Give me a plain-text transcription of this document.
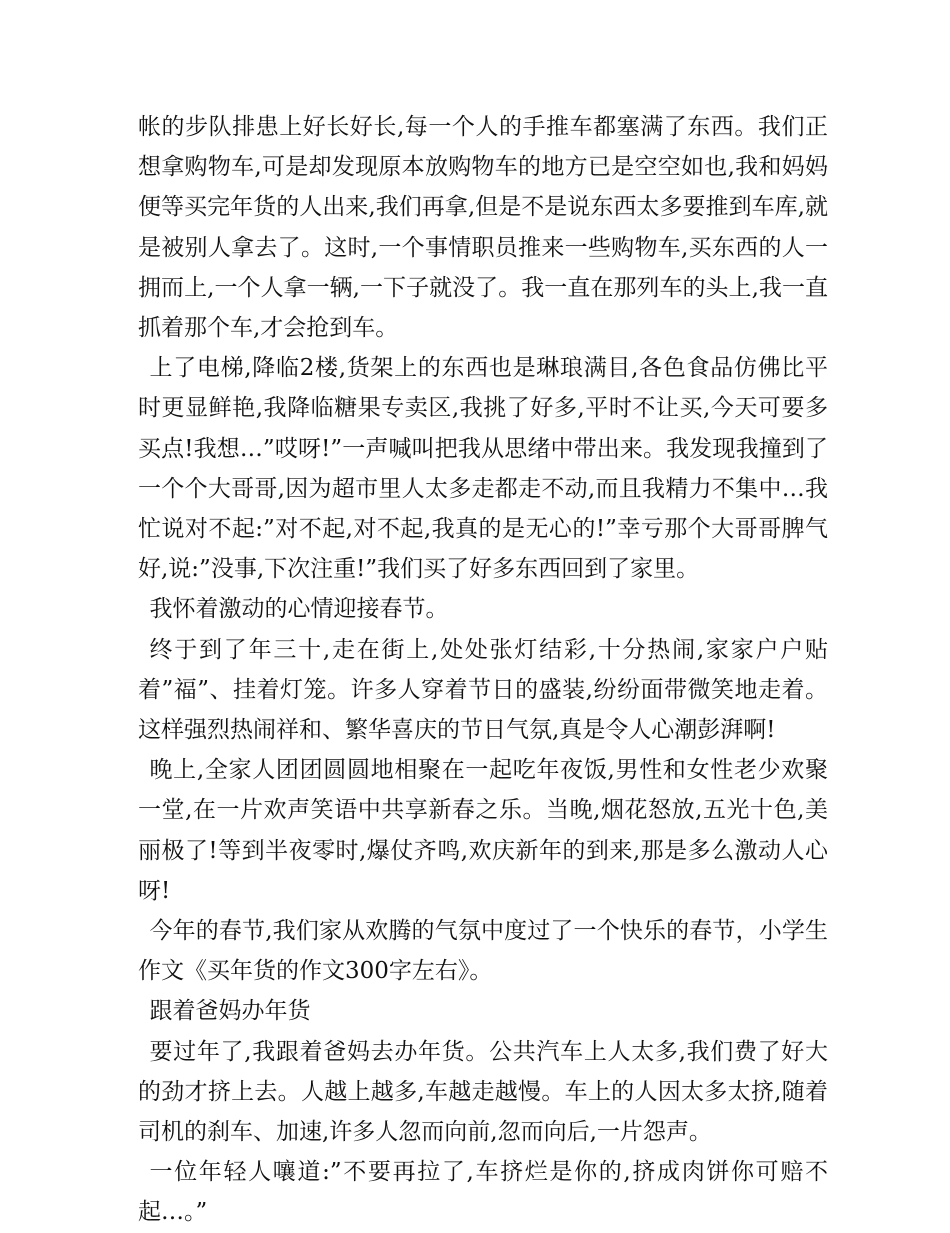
帐的步队排患上好长好长,每一个人的手推车都塞满了东西。我们正想拿购物车,可是却发现原本放购物车的地方已是空空如也,我和妈妈便等买完年货的人出来,我们再拿,但是不是说东西太多要推到车库,就是被别人拿去了。这时,一个事情职员推来一些购物车,买东西的人一拥而上,一个人拿一辆,一下子就没了。我一直在那列车的头上,我一直抓着那个车,才会抢到车。

上了电梯,降临2楼,货架上的东西也是琳琅满目,各色食品仿佛比平时更显鲜艳,我降临糖果专卖区,我挑了好多,平时不让买,今天可要多买点!我想…”哎呀!”一声喊叫把我从思绪中带出来。我发现我撞到了一个个大哥哥,因为超市里人太多走都走不动,而且我精力不集中…我忙说对不起:”对不起,对不起,我真的是无心的!”幸亏那个大哥哥脾气好,说:”没事,下次注重!”我们买了好多东西回到了家里。

我怀着激动的心情迎接春节。

终于到了年三十,走在街上,处处张灯结彩,十分热闹,家家户户贴着”福”、挂着灯笼。许多人穿着节日的盛装,纷纷面带微笑地走着。这样强烈热闹祥和、繁华喜庆的节日气氛,真是令人心潮彭湃啊!

晚上,全家人团团圆圆地相聚在一起吃年夜饭,男性和女性老少欢聚一堂,在一片欢声笑语中共享新春之乐。当晚,烟花怒放,五光十色,美丽极了!等到半夜零时,爆仗齐鸣,欢庆新年的到来,那是多么激动人心呀!

今年的春节,我们家从欢腾的气氛中度过了一个快乐的春节，小学生作文《买年货的作文300字左右》。

跟着爸妈办年货

要过年了,我跟着爸妈去办年货。公共汽车上人太多,我们费了好大的劲才挤上去。人越上越多,车越走越慢。车上的人因太多太挤,随着司机的刹车、加速,许多人忽而向前,忽而向后,一片怨声。

一位年轻人嚷道:”不要再拉了,车挤烂是你的,挤成肉饼你可赔不起…。”
